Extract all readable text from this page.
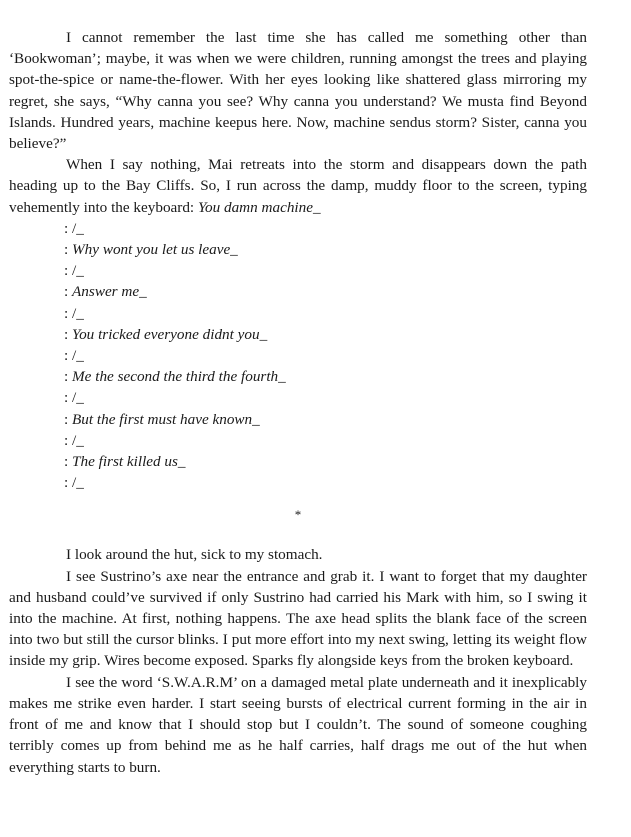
I cannot remember the last time she has called me something other than ‘Bookwoman’; maybe, it was when we were children, running amongst the trees and playing spot-the-spice or name-the-flower. With her eyes looking like shattered glass mirroring my regret, she says, “Why canna you see? Why canna you understand? We musta find Beyond Islands. Hundred years, machine keepus here. Now, machine sendus storm? Sister, canna you believe?”

When I say nothing, Mai retreats into the storm and disappears down the path heading up to the Bay Cliffs. So, I run across the damp, muddy floor to the screen, typing vehemently into the keyboard: You damn machine_

: /_

: Why wont you let us leave_

: /_

: Answer me_

: /_

: You tricked everyone didnt you_

: /_

: Me the second the third the fourth_

: /_

: But the first must have known_

: /_

: The first killed us_

: /_

*

I look around the hut, sick to my stomach.

I see Sustrino’s axe near the entrance and grab it. I want to forget that my daughter and husband could’ve survived if only Sustrino had carried his Mark with him, so I swing it into the machine. At first, nothing happens. The axe head splits the blank face of the screen into two but still the cursor blinks. I put more effort into my next swing, letting its weight flow inside my grip. Wires become exposed. Sparks fly alongside keys from the broken keyboard.

I see the word ‘S.W.A.R.M’ on a damaged metal plate underneath and it inexplicably makes me strike even harder. I start seeing bursts of electrical current forming in the air in front of me and know that I should stop but I couldn’t. The sound of someone coughing terribly comes up from behind me as he half carries, half drags me out of the hut when everything starts to burn.
